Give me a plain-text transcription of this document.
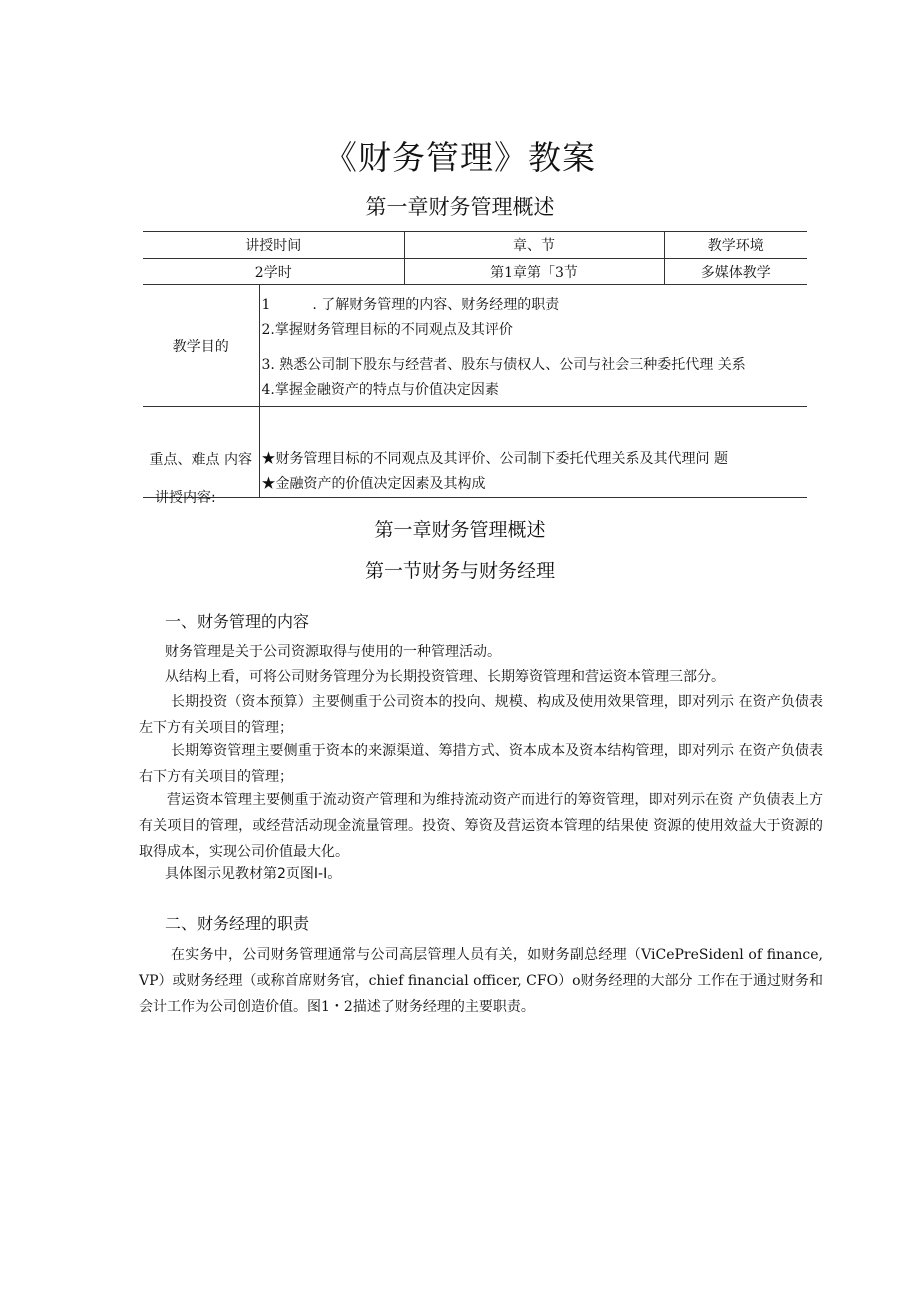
《财务管理》教案
第一章财务管理概述
讲授时间		章、节	教学环境
2学时		第1章第「3节	多媒体教学
教学目的	1　　　. 了解财务管理的内容、财务经理的职责
2.掌握财务管理目标的不同观点及其评价
3. 熟悉公司制下股东与经营者、股东与债权人、公司与社会三种委托代理 关系
4.掌握金融资产的特点与价值决定因素		

重点、难点 内容	★财务管理目标的不同观点及其评价、公司制下委托代理关系及其代理问 题
★金融资产的价值决定因素及其构成		
讲授内容:
第一章财务管理概述
第一节财务与财务经理
一、财务管理的内容
财务管理是关于公司资源取得与使用的一种管理活动。
从结构上看，可将公司财务管理分为长期投资管理、长期筹资管理和营运资本管理三部分。
长期投资（资本预算）主要侧重于公司资本的投向、规模、构成及使用效果管理，即对列示 在资产负债表左下方有关项目的管理；
长期筹资管理主要侧重于资本的来源渠道、筹措方式、资本成本及资本结构管理，即对列示 在资产负债表右下方有关项目的管理；
营运资本管理主要侧重于流动资产管理和为维持流动资产而进行的筹资管理，即对列示在资 产负债表上方有关项目的管理，或经营活动现金流量管理。投资、筹资及营运资本管理的结果使 资源的使用效益大于资源的取得成本，实现公司价值最大化。
具体图示见教材第2页图I-I。
二、财务经理的职责
在实务中，公司财务管理通常与公司高层管理人员有关，如财务副总经理（ViCePreSidenl of finance, VP）或财务经理（或称首席财务官，chief financial officer, CFO）o财务经理的大部分 工作在于通过财务和会计工作为公司创造价值。图1・2描述了财务经理的主要职责。
